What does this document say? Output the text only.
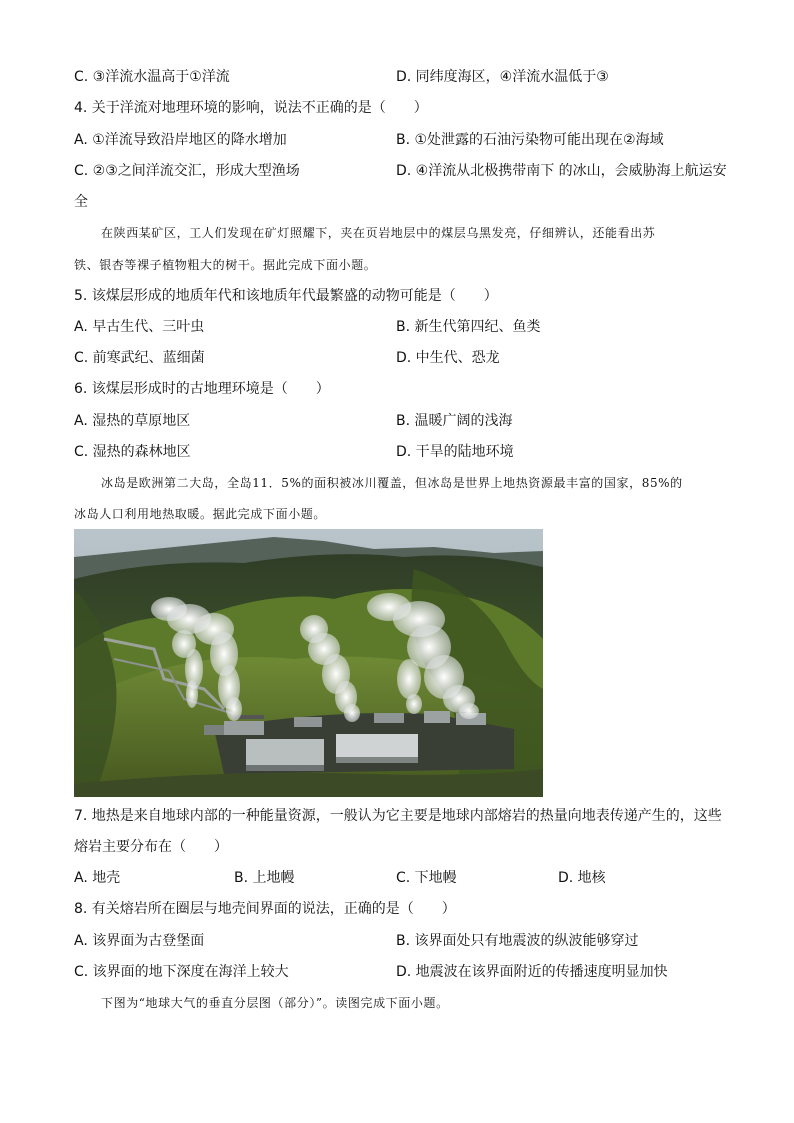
C. ③洋流水温高于①洋流	D. 同纬度海区，④洋流水温低于③
4. 关于洋流对地理环境的影响，说法不正确的是（　　）
A. ①洋流导致沿岸地区的降水增加	B. ①处泄露的石油污染物可能出现在②海域
C. ②③之间洋流交汇，形成大型渔场	D. ④洋流从北极携带南下 的冰山，会威胁海上航运安
全
在陕西某矿区，工人们发现在矿灯照耀下，夹在页岩地层中的煤层乌黑发亮，仔细辨认，还能看出苏
铁、银杏等裸子植物粗大的树干。据此完成下面小题。
5. 该煤层形成的地质年代和该地质年代最繁盛的动物可能是（　　）
A. 早古生代、三叶虫	B. 新生代第四纪、鱼类
C. 前寒武纪、蓝细菌	D. 中生代、恐龙
6. 该煤层形成时的古地理环境是（　　）
A. 湿热的草原地区	B. 温暖广阔的浅海
C. 湿热的森林地区	D. 干旱的陆地环境
冰岛是欧洲第二大岛，全岛11．5%的面积被冰川覆盖，但冰岛是世界上地热资源最丰富的国家，85%的
冰岛人口利用地热取暖。据此完成下面小题。
7. 地热是来自地球内部的一种能量资源，一般认为它主要是地球内部熔岩的热量向地表传递产生的，这些
熔岩主要分布在（　　）
A. 地壳	B. 上地幔	C. 下地幔	D. 地核
8. 有关熔岩所在圈层与地壳间界面的说法，正确的是（　　）
A. 该界面为古登堡面	B. 该界面处只有地震波的纵波能够穿过
C. 该界面的地下深度在海洋上较大	D. 地震波在该界面附近的传播速度明显加快
下图为“地球大气的垂直分层图（部分）”。读图完成下面小题。
